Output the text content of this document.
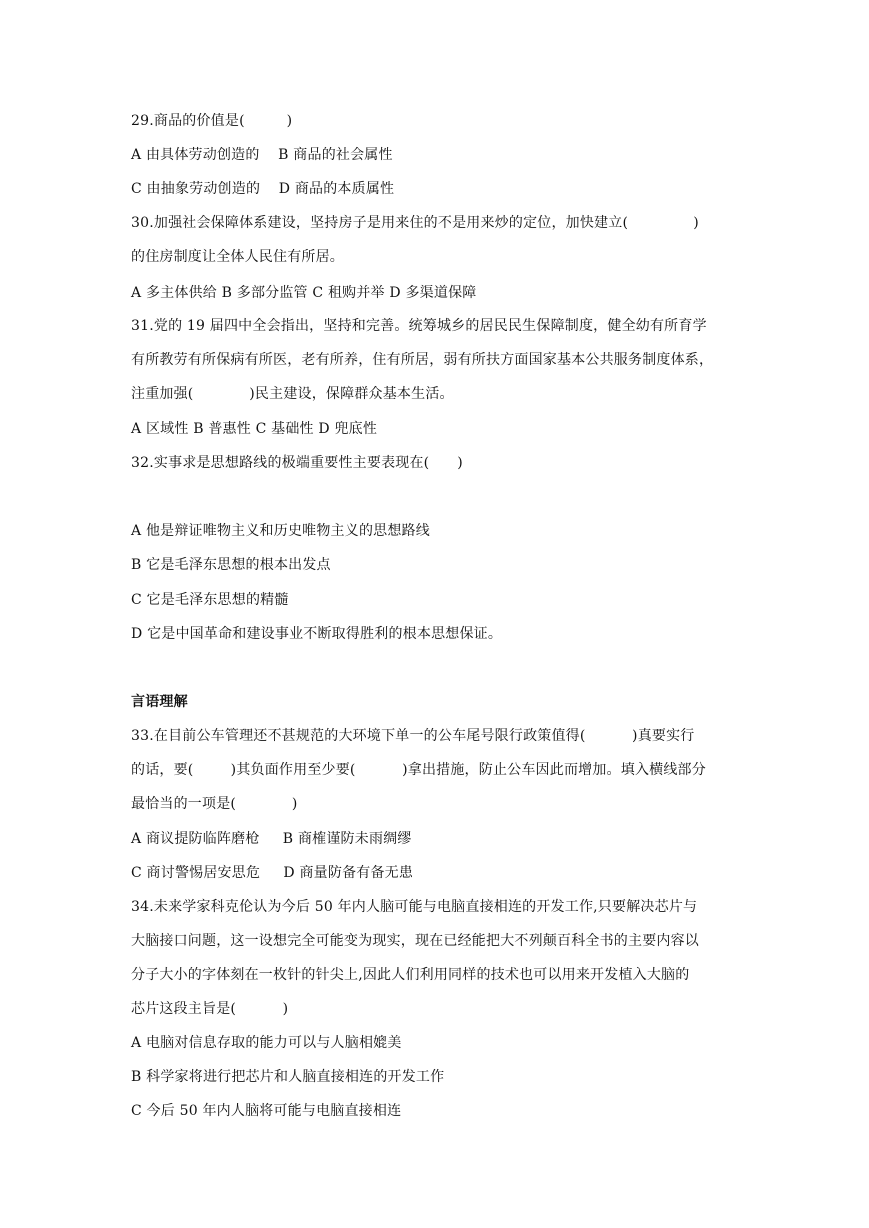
29.商品的价值是(         )
A 由具体劳动创造的    B 商品的社会属性
C 由抽象劳动创造的    D 商品的本质属性
30.加强社会保障体系建设，坚持房子是用来住的不是用来炒的定位，加快建立(              )
的住房制度让全体人民住有所居。
A 多主体供给 B 多部分监管 C 租购并举 D 多渠道保障
31.党的 19 届四中全会指出，坚持和完善。统筹城乡的居民民生保障制度，健全幼有所育学
有所教劳有所保病有所医，老有所养，住有所居，弱有所扶方面国家基本公共服务制度体系，
注重加强(            )民主建设，保障群众基本生活。
A 区域性 B 普惠性 C 基础性 D 兜底性
32.实事求是思想路线的极端重要性主要表现在(      )
A 他是辩证唯物主义和历史唯物主义的思想路线
B 它是毛泽东思想的根本出发点
C 它是毛泽东思想的精髓
D 它是中国革命和建设事业不断取得胜利的根本思想保证。
言语理解
33.在目前公车管理还不甚规范的大环境下单一的公车尾号限行政策值得(          )真要实行
的话，要(        )其负面作用至少要(          )拿出措施，防止公车因此而增加。填入横线部分
最恰当的一项是(            )
A 商议提防临阵磨枪     B 商榷谨防未雨绸缪
C 商讨警惕居安思危     D 商量防备有备无患
34.未来学家科克伦认为今后 50 年内人脑可能与电脑直接相连的开发工作,只要解决芯片与
大脑接口问题，这一设想完全可能变为现实，现在已经能把大不列颠百科全书的主要内容以
分子大小的字体刻在一枚针的针尖上,因此人们利用同样的技术也可以用来开发植入大脑的
芯片这段主旨是(          )
A 电脑对信息存取的能力可以与人脑相媲美
B 科学家将进行把芯片和人脑直接相连的开发工作
C 今后 50 年内人脑将可能与电脑直接相连
